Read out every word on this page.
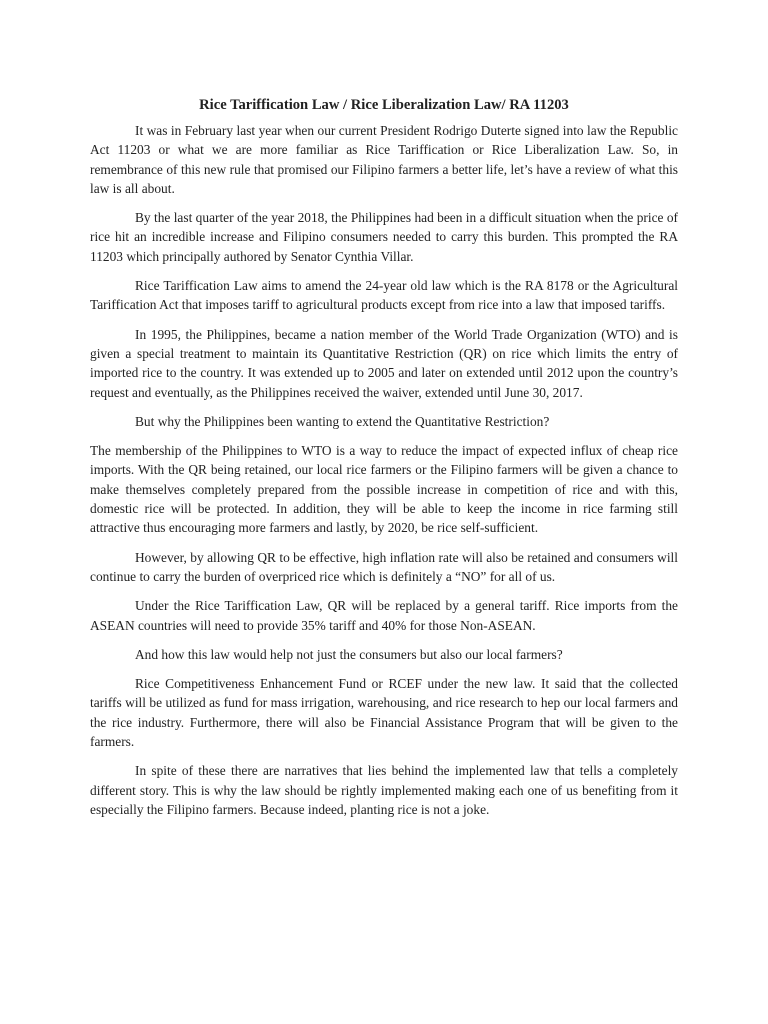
Rice Tariffication Law / Rice Liberalization Law/ RA 11203

It was in February last year when our current President Rodrigo Duterte signed into law the Republic Act 11203 or what we are more familiar as Rice Tariffication or Rice Liberalization Law. So, in remembrance of this new rule that promised our Filipino farmers a better life, let’s have a review of what this law is all about.

By the last quarter of the year 2018, the Philippines had been in a difficult situation when the price of rice hit an incredible increase and Filipino consumers needed to carry this burden. This prompted the RA 11203 which principally authored by Senator Cynthia Villar.

Rice Tariffication Law aims to amend the 24-year old law which is the RA 8178 or the Agricultural Tariffication Act that imposes tariff to agricultural products except from rice into a law that imposed tariffs.

In 1995, the Philippines, became a nation member of the World Trade Organization (WTO) and is given a special treatment to maintain its Quantitative Restriction (QR) on rice which limits the entry of imported rice to the country. It was extended up to 2005 and later on extended until 2012 upon the country’s request and eventually, as the Philippines received the waiver, extended until June 30, 2017.

But why the Philippines been wanting to extend the Quantitative Restriction?

The membership of the Philippines to WTO is a way to reduce the impact of expected influx of cheap rice imports. With the QR being retained, our local rice farmers or the Filipino farmers will be given a chance to make themselves completely prepared from the possible increase in competition of rice and with this, domestic rice will be protected. In addition, they will be able to keep the income in rice farming still attractive thus encouraging more farmers and lastly, by 2020, be rice self-sufficient.

However, by allowing QR to be effective, high inflation rate will also be retained and consumers will continue to carry the burden of overpriced rice which is definitely a “NO” for all of us.

Under the Rice Tariffication Law, QR will be replaced by a general tariff. Rice imports from the ASEAN countries will need to provide 35% tariff and 40% for those Non-ASEAN.

And how this law would help not just the consumers but also our local farmers?

Rice Competitiveness Enhancement Fund or RCEF under the new law. It said that the collected tariffs will be utilized as fund for mass irrigation, warehousing, and rice research to hep our local farmers and the rice industry. Furthermore, there will also be Financial Assistance Program that will be given to the farmers.

In spite of these there are narratives that lies behind the implemented law that tells a completely different story. This is why the law should be rightly implemented making each one of us benefiting from it especially the Filipino farmers. Because indeed, planting rice is not a joke.
